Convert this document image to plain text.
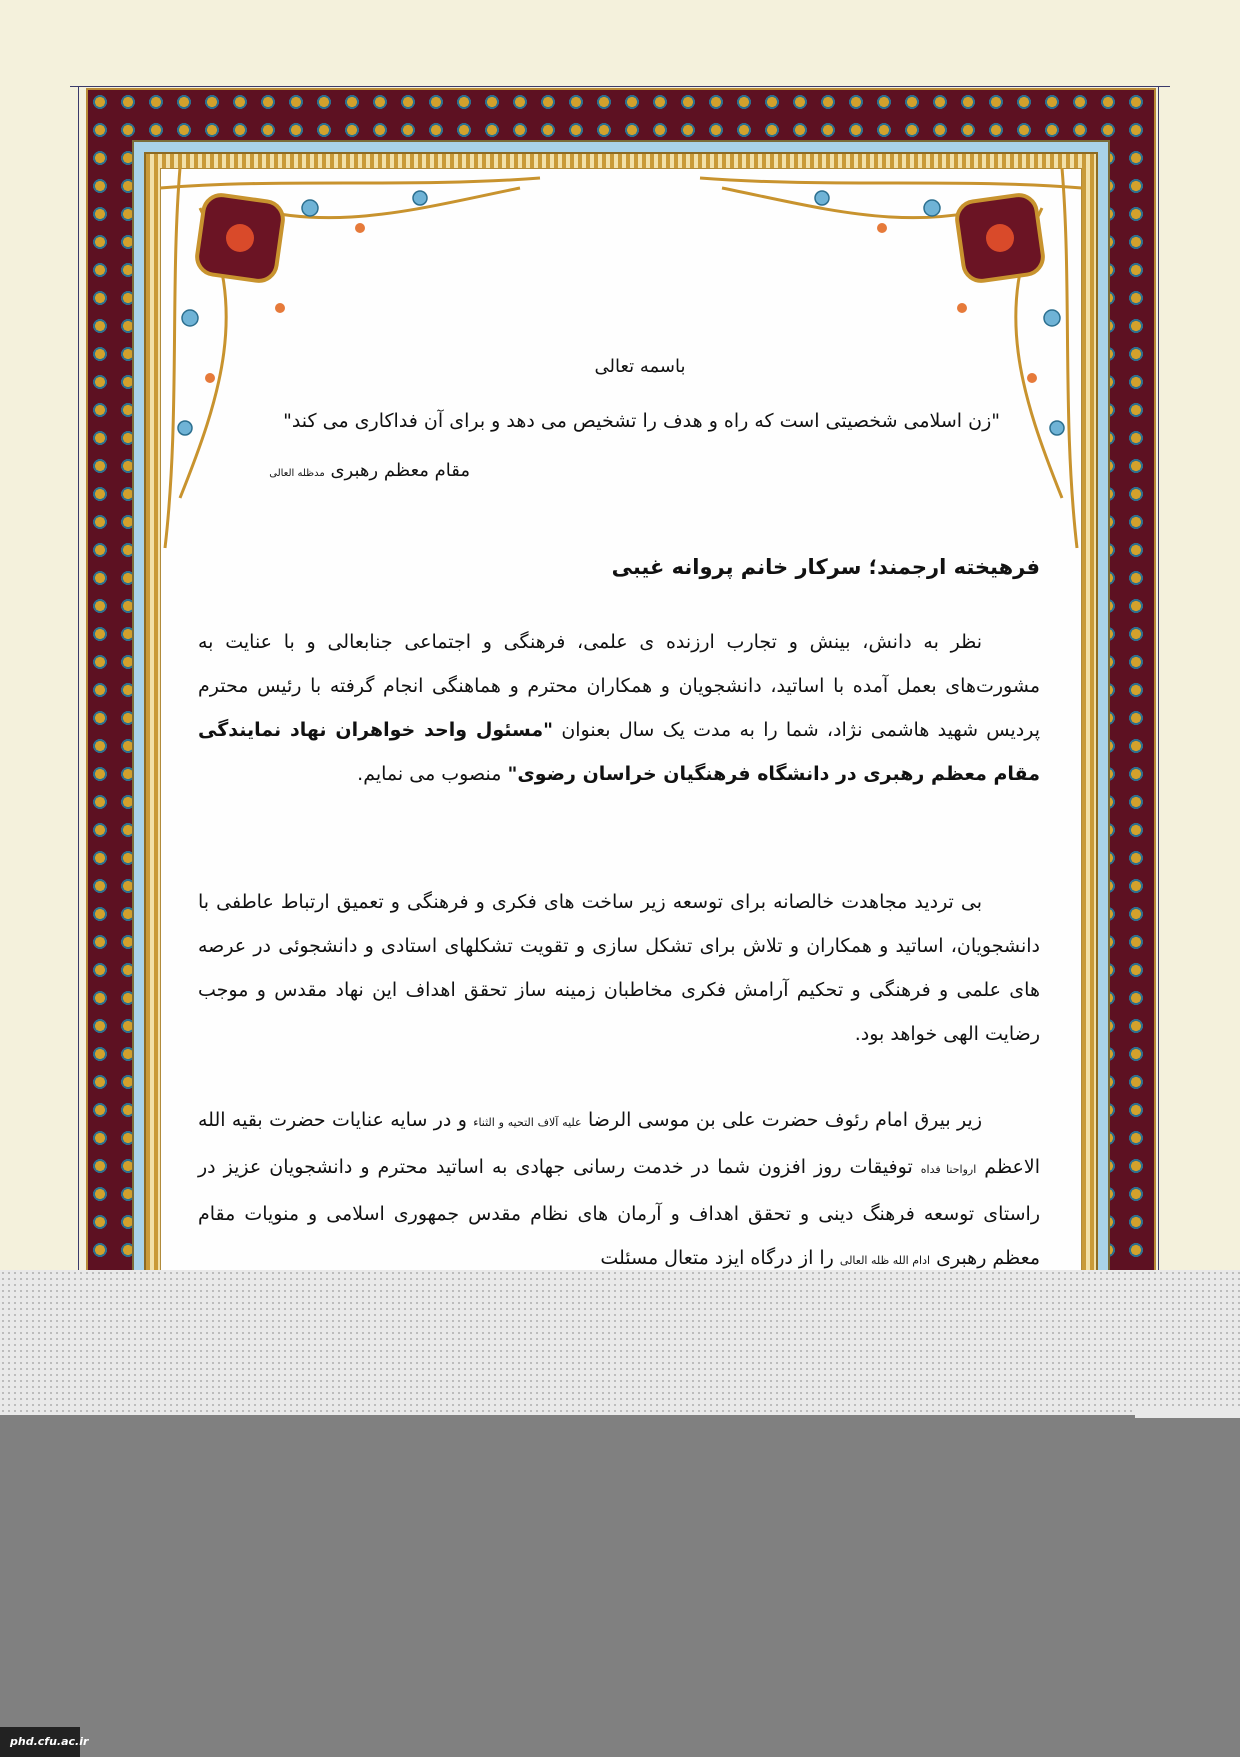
باسمه تعالی
"زن اسلامی شخصیتی است که راه و هدف را تشخیص می دهد و برای آن فداکاری می کند"
مقام معظم رهبری مدظله العالی
فرهیخته ارجمند؛ سرکار خانم پروانه غیبی
نظر به دانش، بینش و تجارب ارزنده ی علمی، فرهنگی و اجتماعی جنابعالی و با عنایت به مشورت‌های بعمل آمده با اساتید، دانشجویان و همکاران محترم و هماهنگی انجام گرفته با رئیس محترم پردیس شهید هاشمی نژاد، شما را به مدت یک سال بعنوان "مسئول واحد خواهران نهاد نمایندگی مقام معظم رهبری در دانشگاه فرهنگیان خراسان رضوی" منصوب می نمایم.
بی تردید مجاهدت خالصانه برای توسعه زیر ساخت های فکری و فرهنگی و تعمیق ارتباط عاطفی با دانشجویان، اساتید و همکاران و تلاش برای تشکل سازی و تقویت تشکلهای استادی و دانشجوئی در عرصه های علمی و فرهنگی و تحکیم آرامش فکری مخاطبان زمینه ساز تحقق اهداف این نهاد مقدس و موجب رضایت الهی خواهد بود.
زیر بیرق امام رئوف حضرت علی بن موسی الرضا علیه آلاف التحیه و الثناء و در سایه عنایات حضرت بقیه الله الاعظم ارواحنا فداه توفیقات روز افزون شما در خدمت رسانی جهادی به اساتید محترم و دانشجویان عزیز در راستای توسعه فرهنگ دینی و تحقق اهداف و آرمان های نظام مقدس جمهوری اسلامی و منویات مقام معظم رهبری ادام الله ظله العالی را از درگاه ایزد متعال مسئلت
phd.cfu.ac.ir
